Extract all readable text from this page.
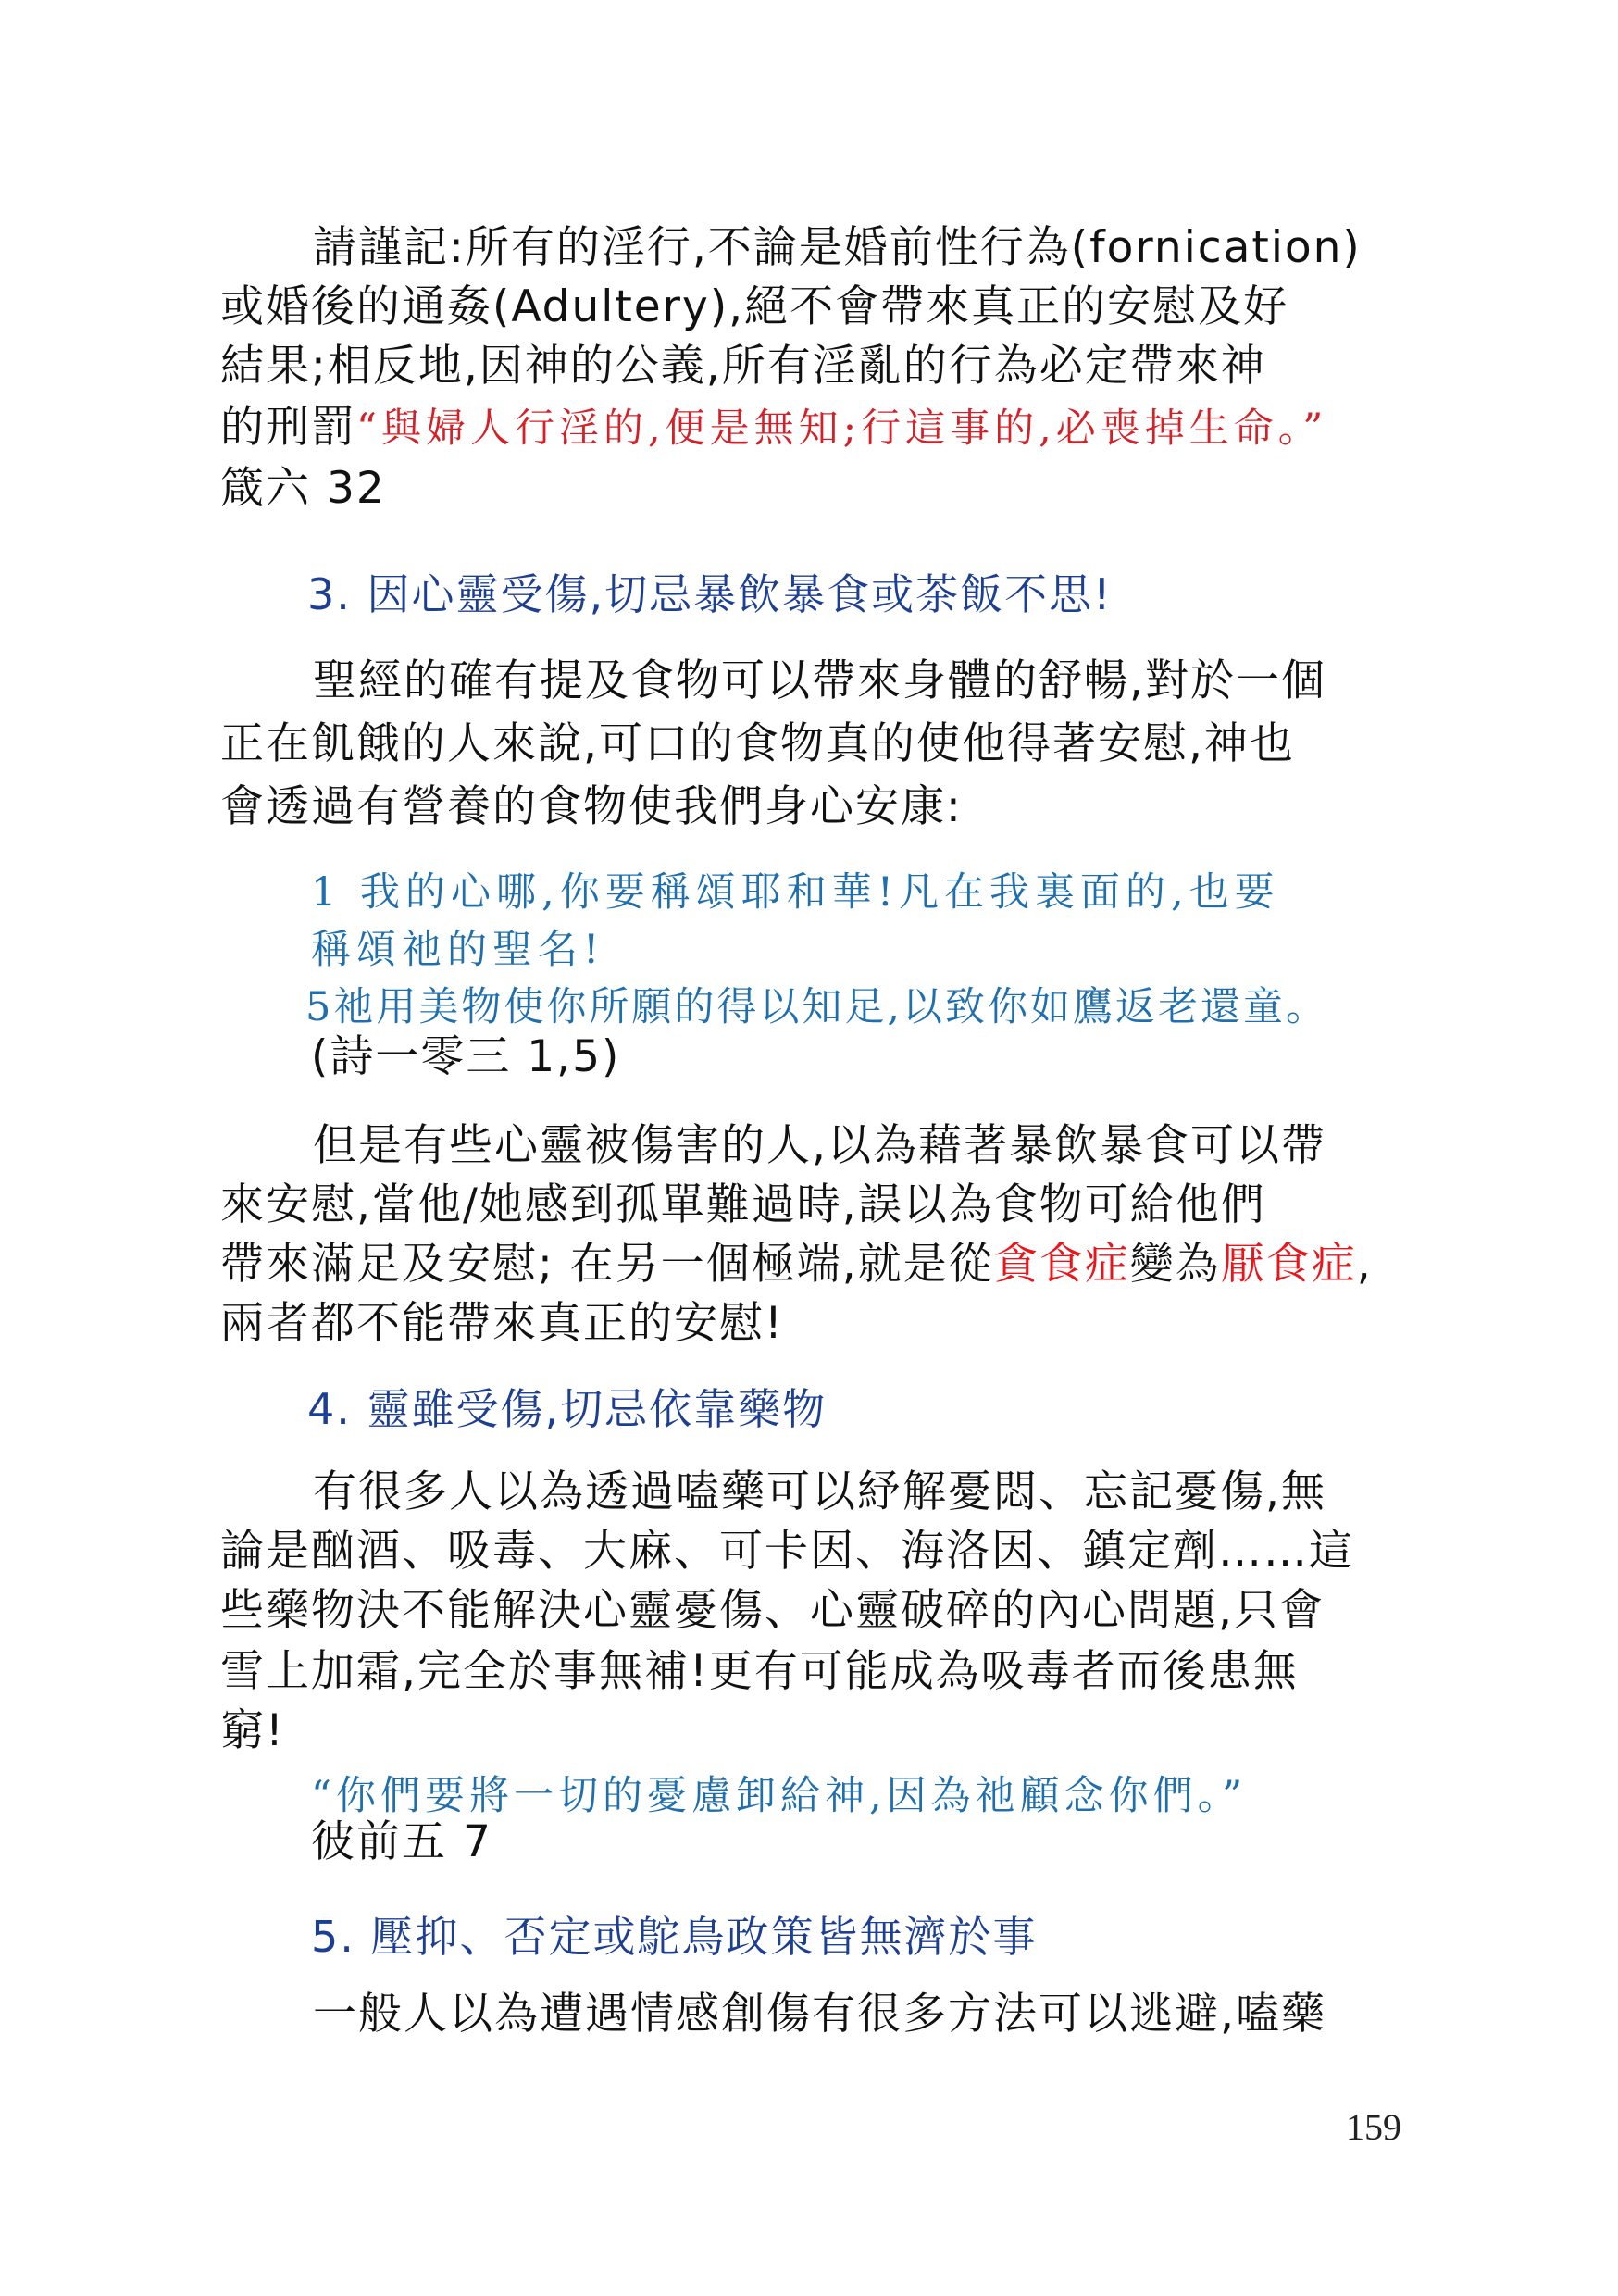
請謹記:所有的淫行,不論是婚前性行為(fornication)
或婚後的通姦(Adultery),絕不會帶來真正的安慰及好
結果;相反地,因神的公義,所有淫亂的行為必定帶來神
的刑罰“與婦人行淫的,便是無知;行這事的,必喪掉生命。”
箴六 32
3. 因心靈受傷,切忌暴飲暴食或茶飯不思!
聖經的確有提及食物可以帶來身體的舒暢,對於一個
正在飢餓的人來說,可口的食物真的使他得著安慰,神也
會透過有營養的食物使我們身心安康:
1 我的心哪,你要稱頌耶和華!凡在我裏面的,也要
稱頌祂的聖名!
5祂用美物使你所願的得以知足,以致你如鷹返老還童。
(詩一零三 1,5)
但是有些心靈被傷害的人,以為藉著暴飲暴食可以帶
來安慰,當他/她感到孤單難過時,誤以為食物可給他們
帶來滿足及安慰; 在另一個極端,就是從貪食症變為厭食症,
兩者都不能帶來真正的安慰!
4. 靈雖受傷,切忌依靠藥物
有很多人以為透過嗑藥可以紓解憂悶、忘記憂傷,無
論是酗酒、吸毒、大麻、可卡因、海洛因、鎮定劑……這
些藥物決不能解決心靈憂傷、心靈破碎的內心問題,只會
雪上加霜,完全於事無補!更有可能成為吸毒者而後患無
窮!
“你們要將一切的憂慮卸給神,因為祂顧念你們。”
彼前五 7
5. 壓抑、否定或鴕鳥政策皆無濟於事
一般人以為遭遇情感創傷有很多方法可以逃避,嗑藥
159
